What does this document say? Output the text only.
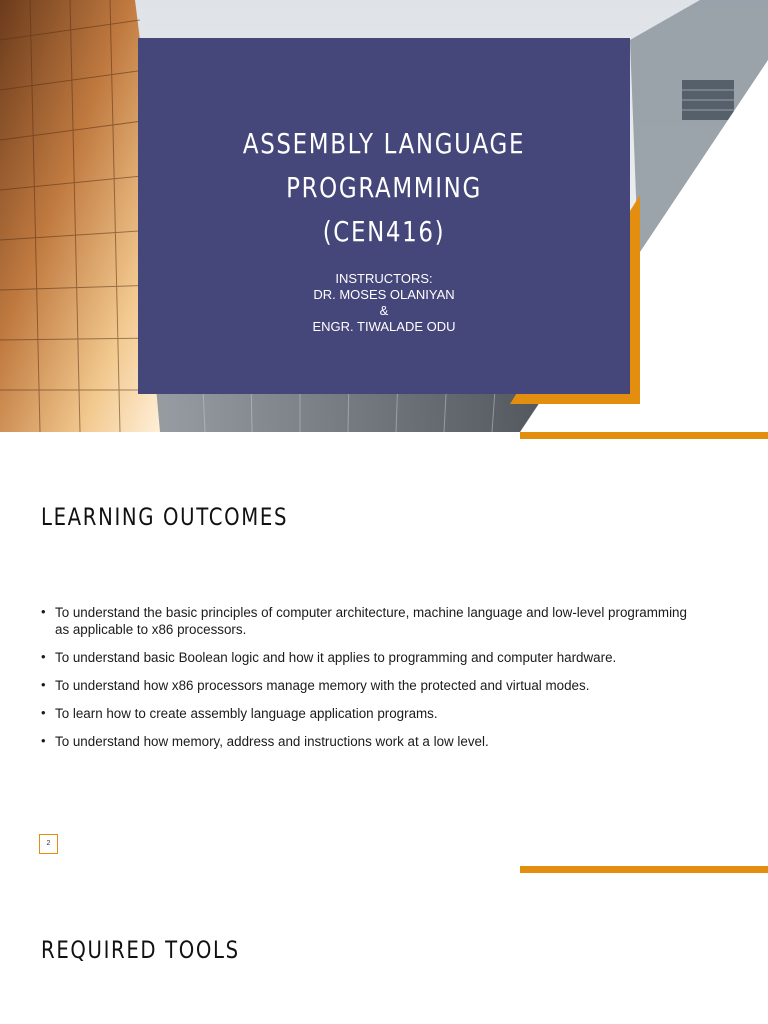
ASSEMBLY LANGUAGE
PROGRAMMING
(CEN416)
INSTRUCTORS:
DR. MOSES OLANIYAN
&
ENGR. TIWALADE ODU
LEARNING OUTCOMES
• To understand the basic principles of computer architecture, machine language and low-level programming as applicable to x86 processors.
• To understand basic Boolean logic and how it applies to programming and computer hardware.
• To understand how x86 processors manage memory with the protected and virtual modes.
• To learn how to create assembly language application programs.
• To understand how memory, address and instructions work at a low level.
2
REQUIRED TOOLS
